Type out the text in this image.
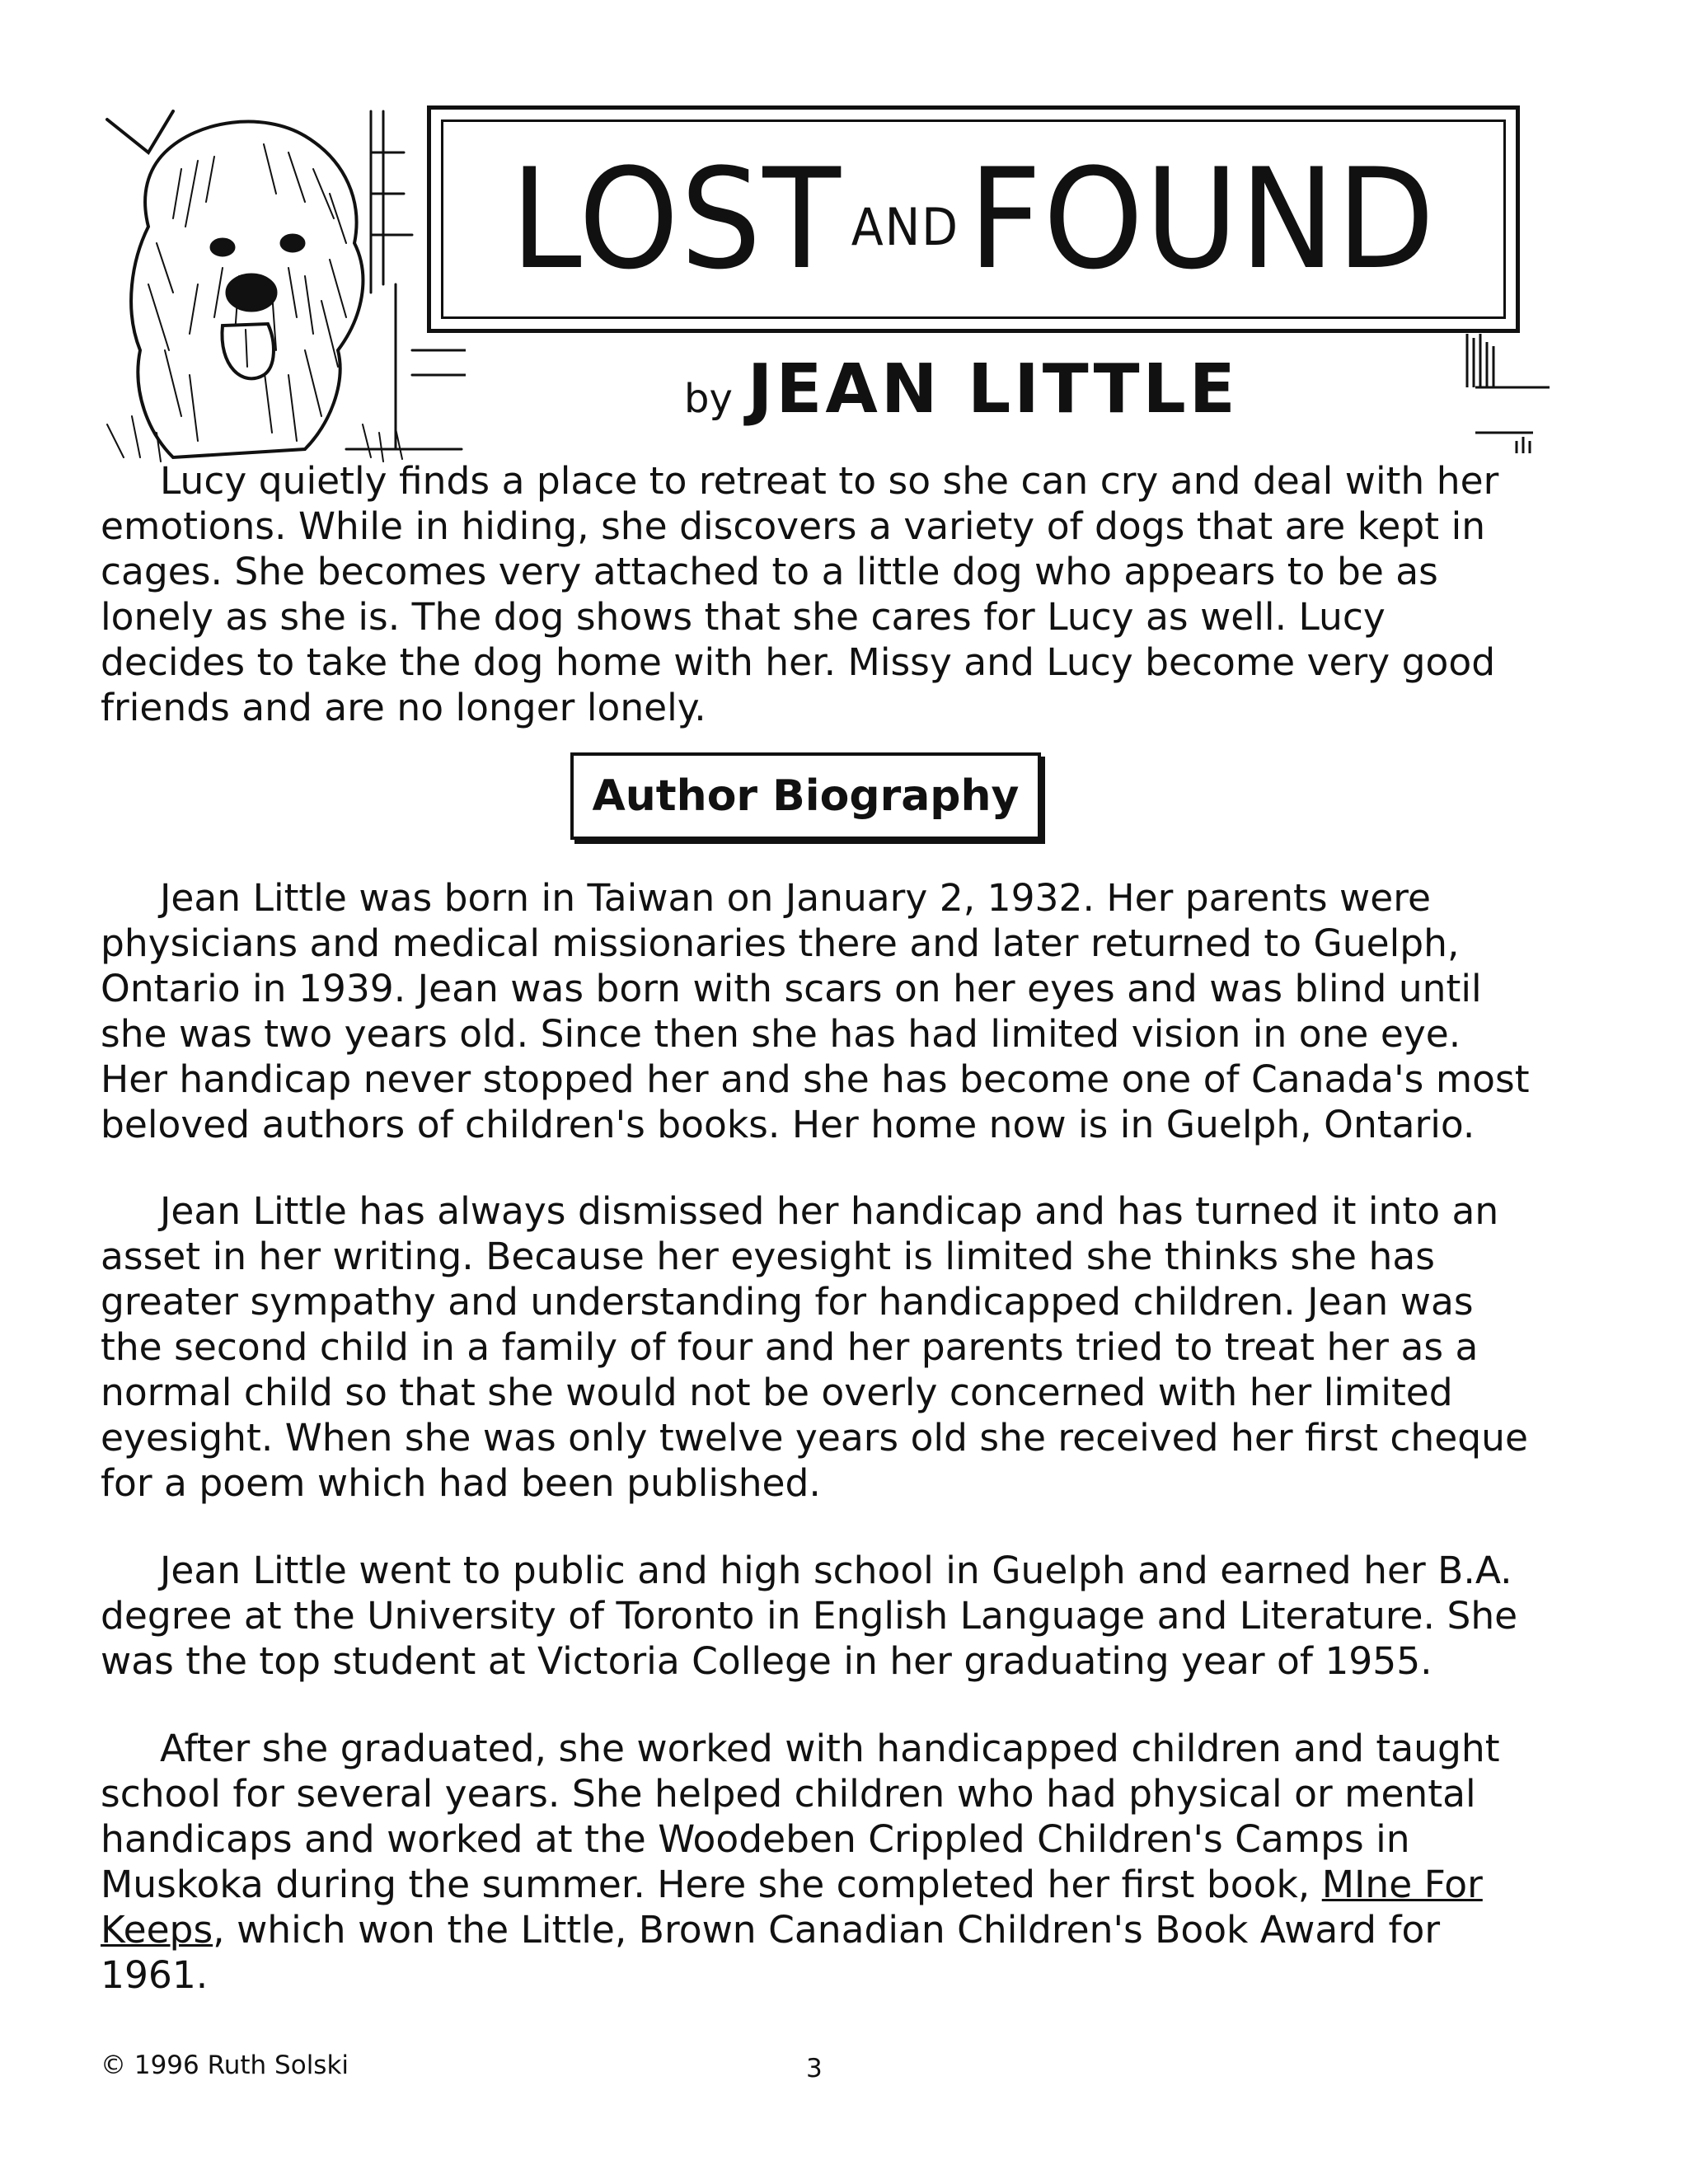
LOST AND FOUND
by JEAN LITTLE

Lucy quietly finds a place to retreat to so she can cry and deal with her emotions. While in hiding, she discovers a variety of dogs that are kept in cages. She becomes very attached to a little dog who appears to be as lonely as she is. The dog shows that she cares for Lucy as well. Lucy decides to take the dog home with her. Missy and Lucy become very good friends and are no longer lonely.

Author Biography

Jean Little was born in Taiwan on January 2, 1932. Her parents were physicians and medical missionaries there and later returned to Guelph, Ontario in 1939. Jean was born with scars on her eyes and was blind until she was two years old. Since then she has had limited vision in one eye. Her handicap never stopped her and she has become one of Canada's most beloved authors of children's books. Her home now is in Guelph, Ontario.

Jean Little has always dismissed her handicap and has turned it into an asset in her writing. Because her eyesight is limited she thinks she has greater sympathy and understanding for handicapped children. Jean was the second child in a family of four and her parents tried to treat her as a normal child so that she would not be overly concerned with her limited eyesight. When she was only twelve years old she received her first cheque for a poem which had been published.

Jean Little went to public and high school in Guelph and earned her B.A. degree at the University of Toronto in English Language and Literature. She was the top student at Victoria College in her graduating year of 1955.

After she graduated, she worked with handicapped children and taught school for several years. She helped children who had physical or mental handicaps and worked at the Woodeben Crippled Children's Camps in Muskoka during the summer. Here she completed her first book, MIne For Keeps, which won the Little, Brown Canadian Children's Book Award for 1961.

© 1996 Ruth Solski	3
